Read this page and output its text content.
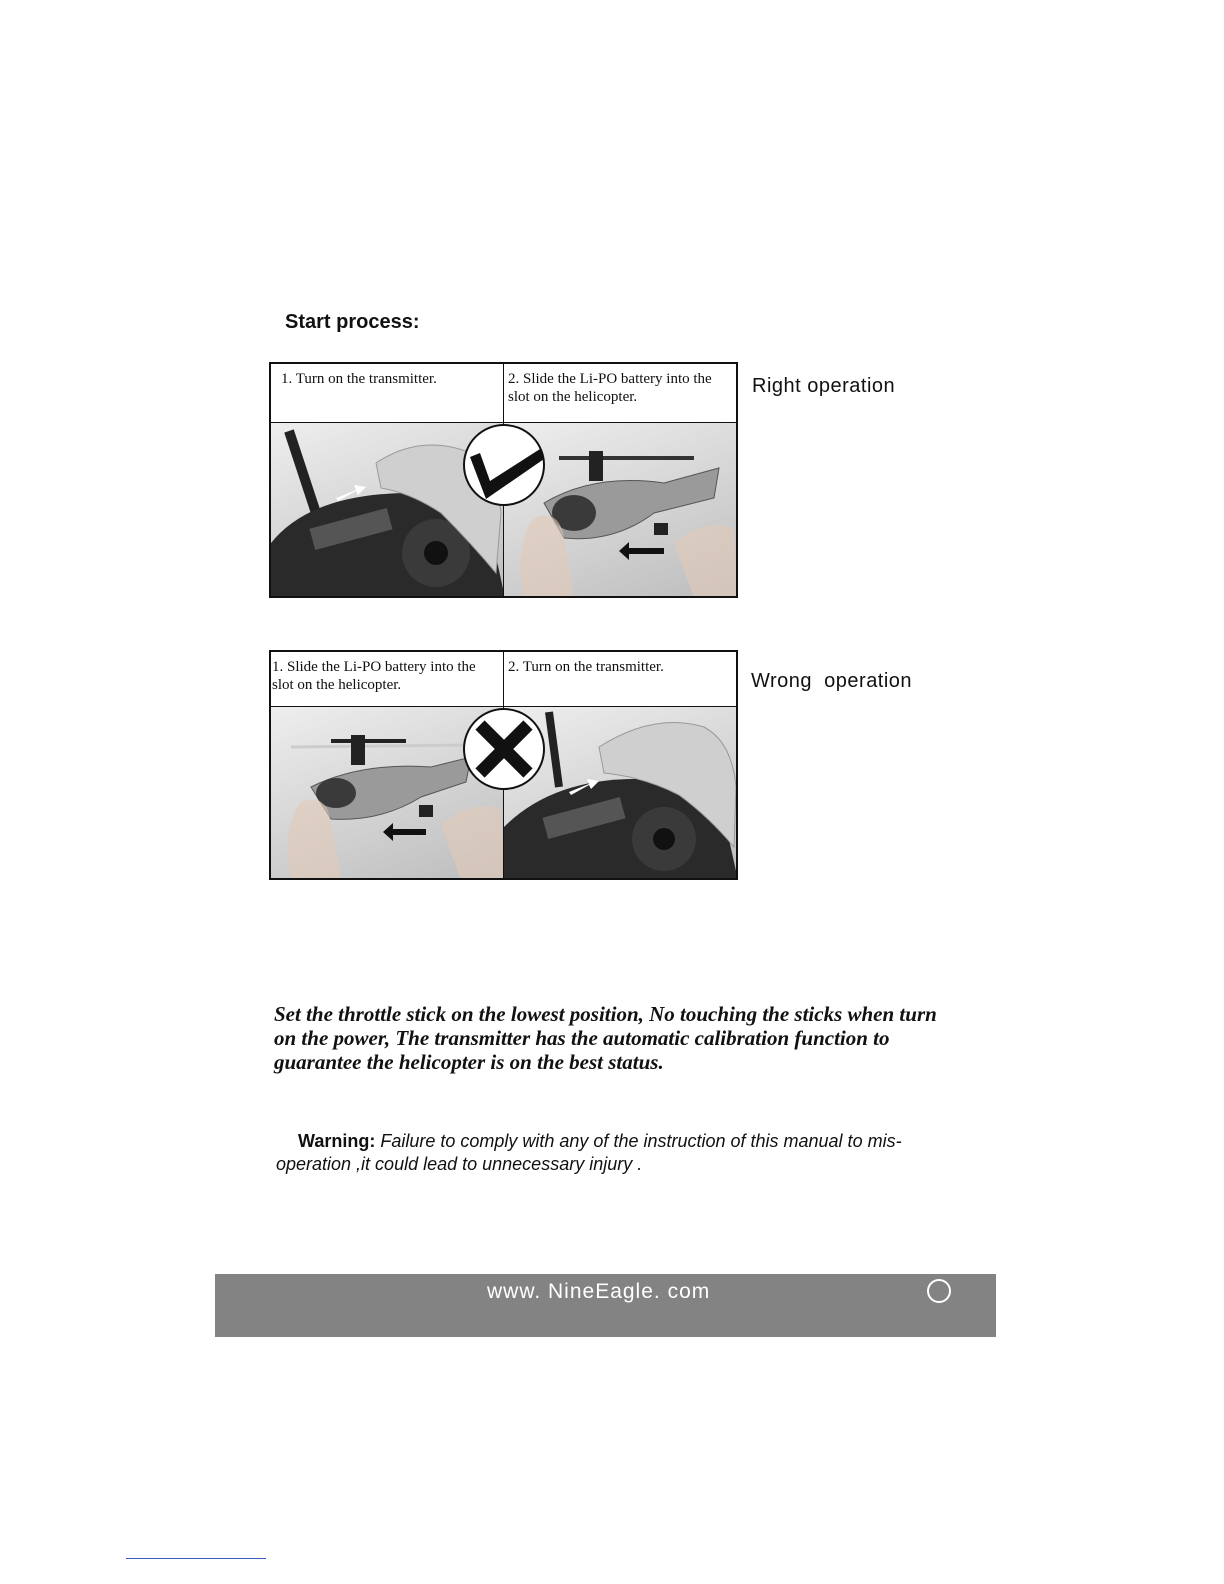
Start process:
1. Turn on the transmitter.	2. Slide the Li-PO battery into the slot on the helicopter.	Right operation
1. Slide the Li-PO battery into the slot on the helicopter.
2. Turn on the transmitter.
Wrong  operation
Set the throttle stick on the lowest position, No touching the sticks when turn on the power, The transmitter has the automatic calibration function to guarantee the helicopter is on the best status.
Warning: Failure to comply with any of the instruction of this manual to mis-operation ,it could lead to unnecessary injury .
www. NineEagle. com
